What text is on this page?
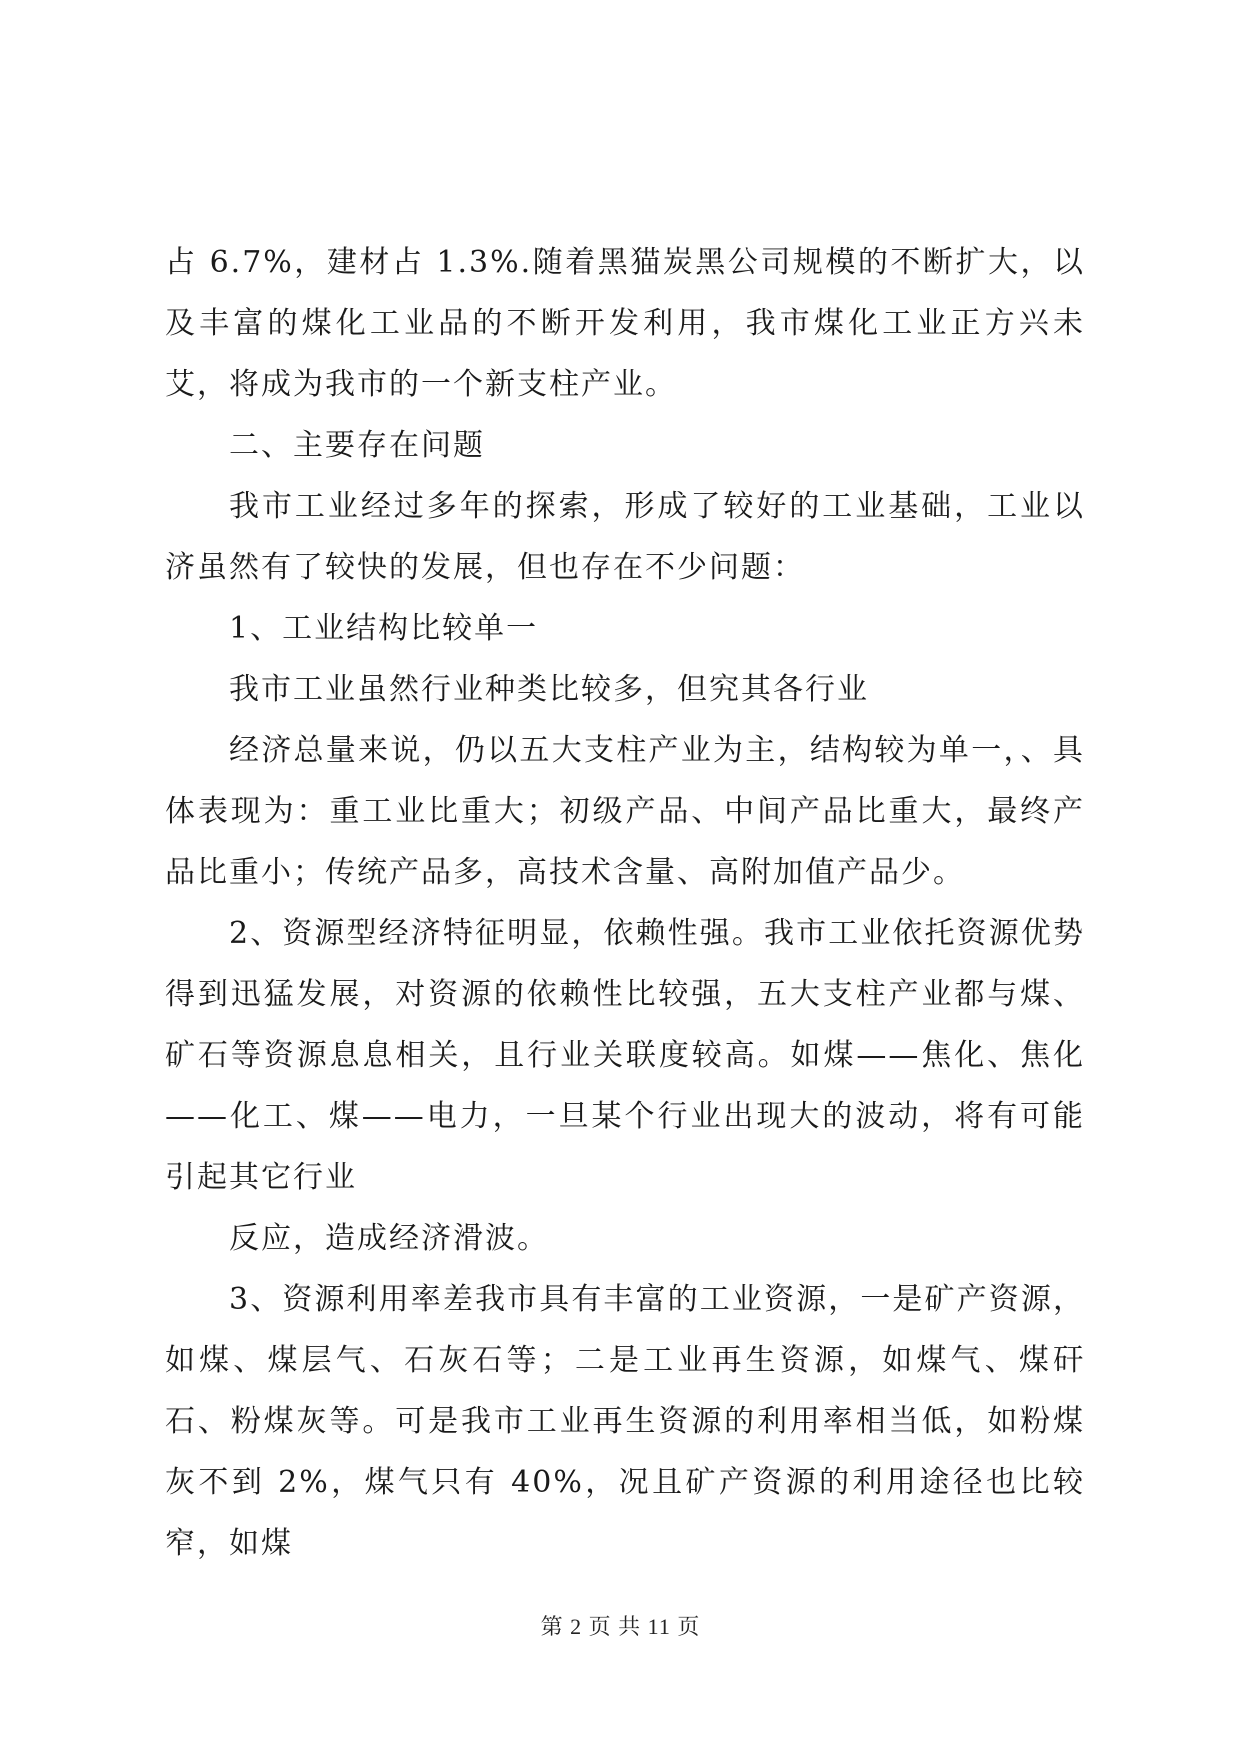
占 6.7%，建材占 1.3%.随着黑猫炭黑公司规模的不断扩大，以及丰富的煤化工业品的不断开发利用，我市煤化工业正方兴未艾，将成为我市的一个新支柱产业。

二、主要存在问题

我市工业经过多年的探索，形成了较好的工业基础，工业以济虽然有了较快的发展，但也存在不少问题：

1、工业结构比较单一

我市工业虽然行业种类比较多，但究其各行业

经济总量来说，仍以五大支柱产业为主，结构较为单一，、具体表现为：重工业比重大；初级产品、中间产品比重大，最终产品比重小；传统产品多，高技术含量、高附加值产品少。

2、资源型经济特征明显，依赖性强。我市工业依托资源优势得到迅猛发展，对资源的依赖性比较强，五大支柱产业都与煤、矿石等资源息息相关，且行业关联度较高。如煤——焦化、焦化——化工、煤——电力，一旦某个行业出现大的波动，将有可能引起其它行业

反应，造成经济滑波。

3、资源利用率差我市具有丰富的工业资源，一是矿产资源，如煤、煤层气、石灰石等；二是工业再生资源，如煤气、煤矸石、粉煤灰等。可是我市工业再生资源的利用率相当低，如粉煤灰不到 2%，煤气只有 40%，况且矿产资源的利用途径也比较窄，如煤

第 2 页 共 11 页
